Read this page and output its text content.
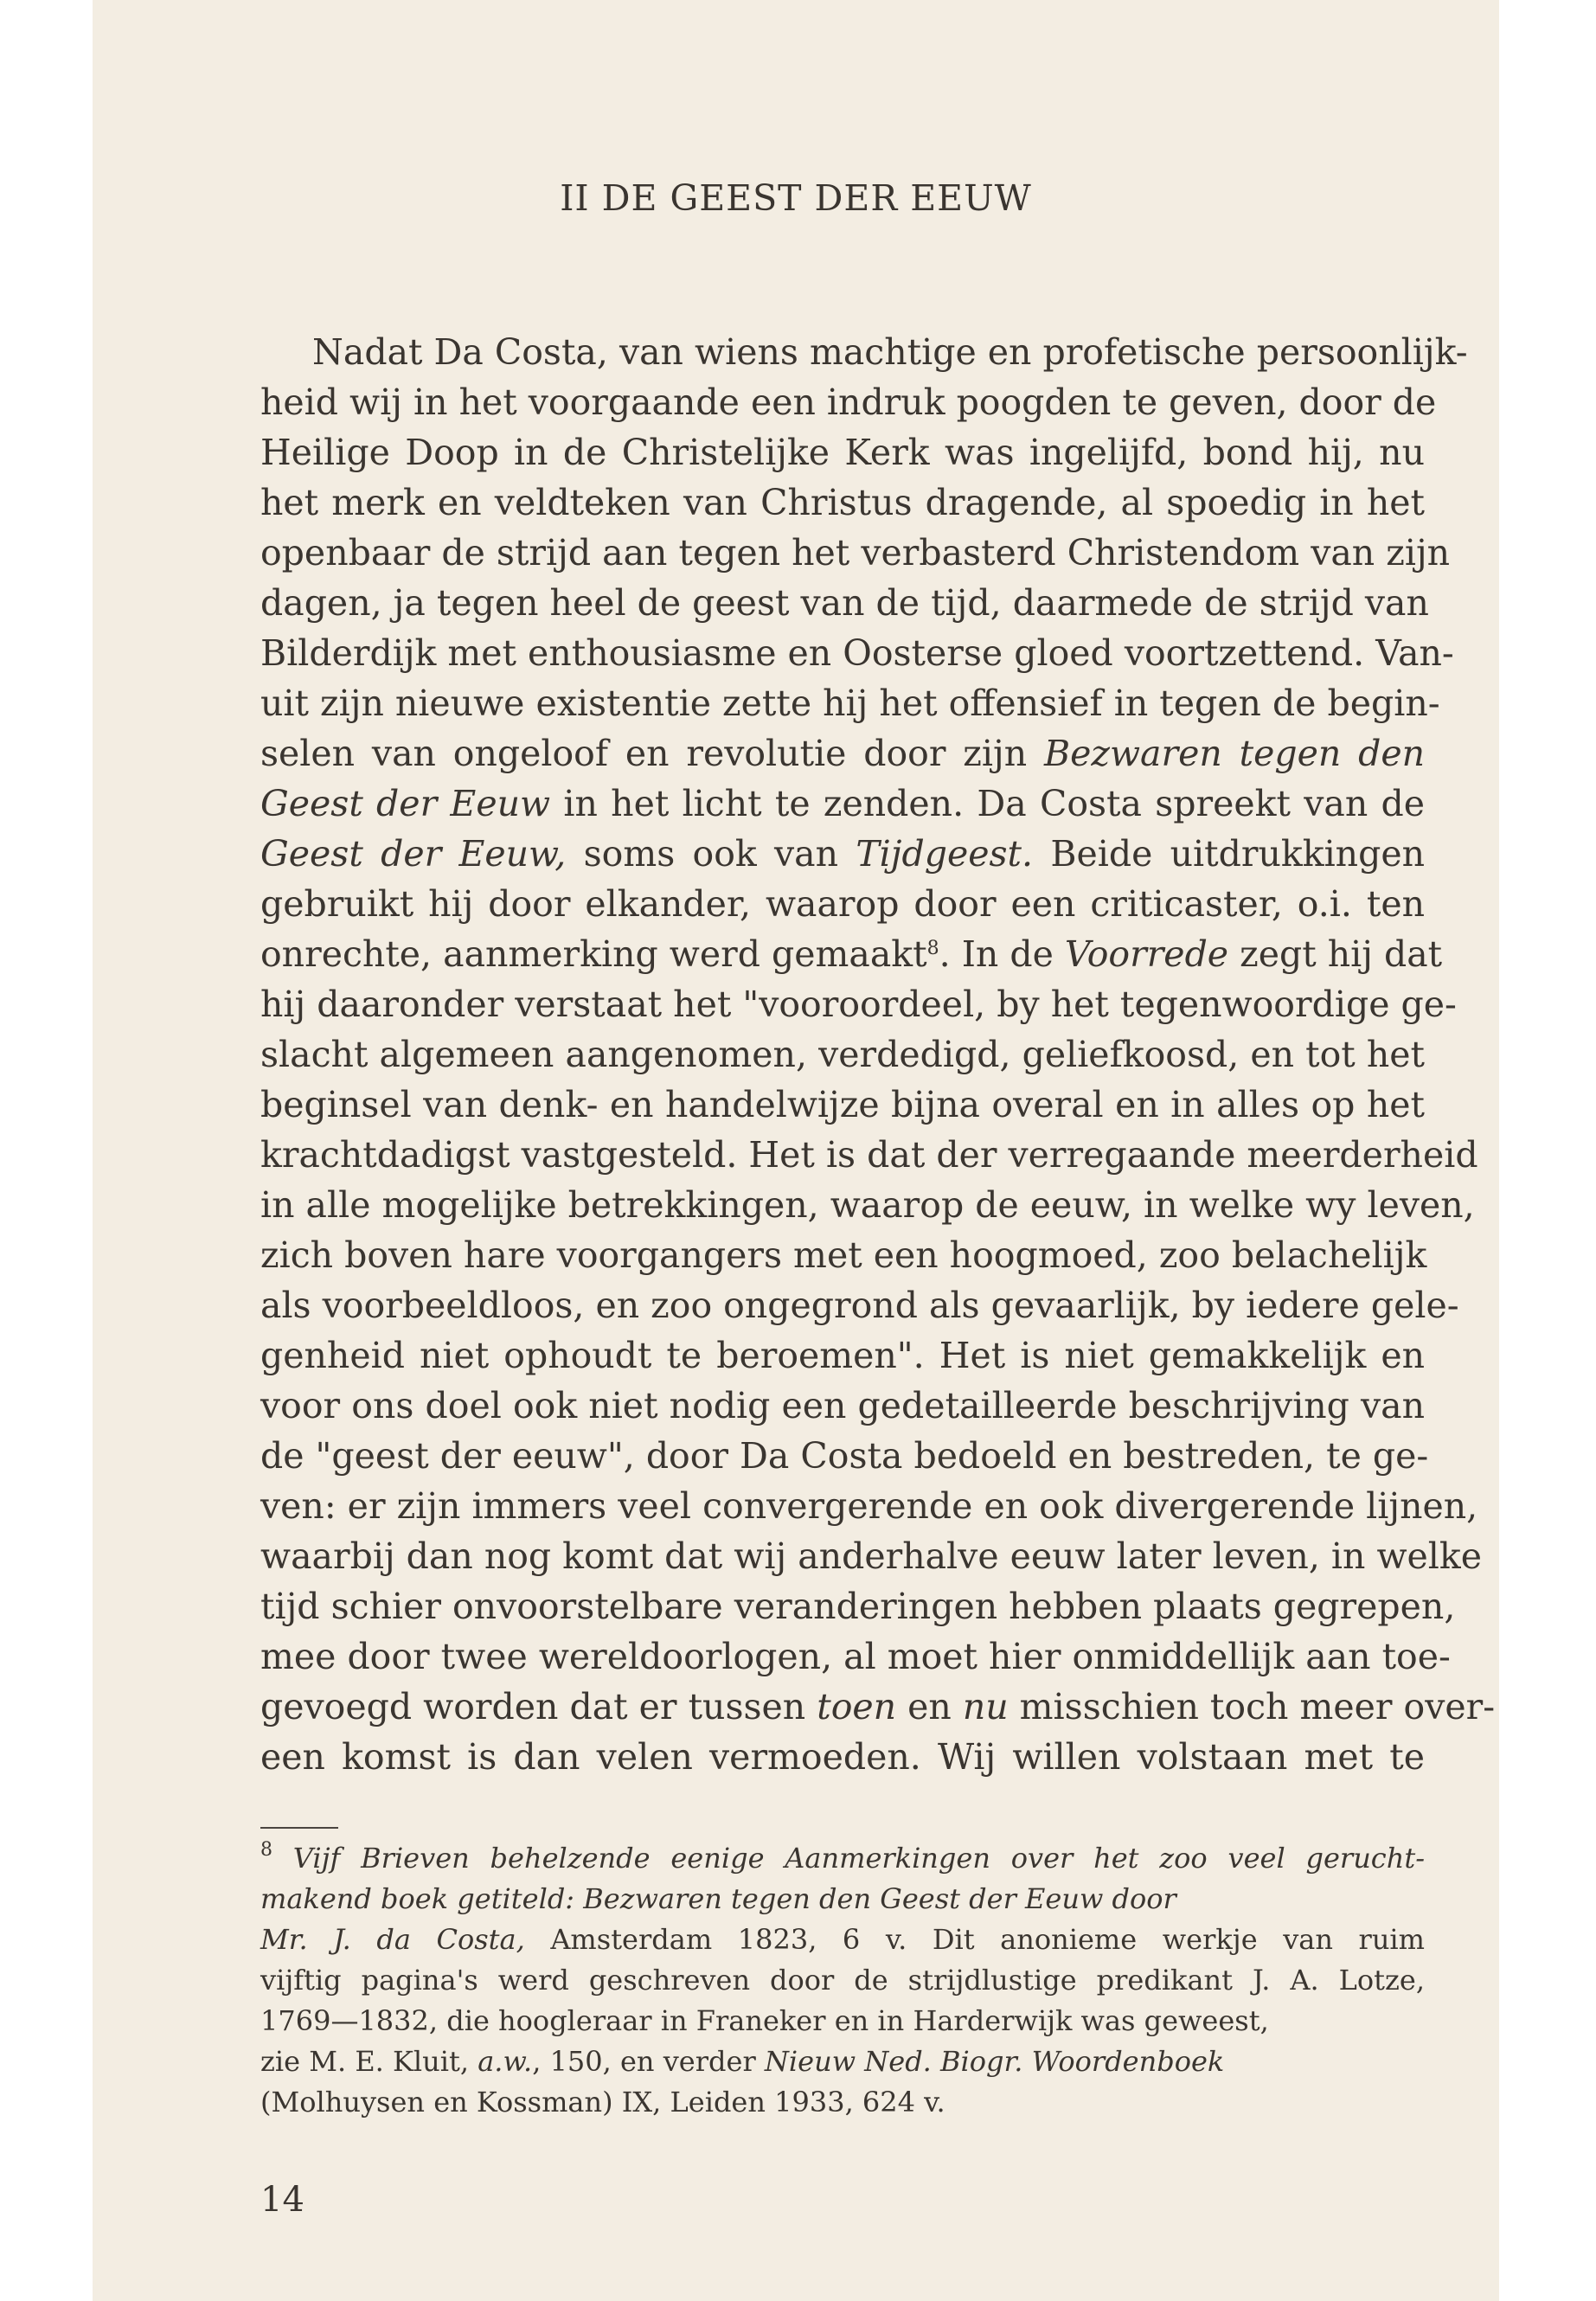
II DE GEEST DER EEUW
Nadat Da Costa, van wiens machtige en profetische persoonlijk-
heid wij in het voorgaande een indruk poogden te geven, door de
Heilige Doop in de Christelijke Kerk was ingelijfd, bond hij, nu
het merk en veldteken van Christus dragende, al spoedig in het
openbaar de strijd aan tegen het verbasterd Christendom van zijn
dagen, ja tegen heel de geest van de tijd, daarmede de strijd van
Bilderdijk met enthousiasme en Oosterse gloed voortzettend. Van-
uit zijn nieuwe existentie zette hij het offensief in tegen de begin-
selen van ongeloof en revolutie door zijn Bezwaren tegen den
Geest der Eeuw in het licht te zenden. Da Costa spreekt van de
Geest der Eeuw, soms ook van Tijdgeest. Beide uitdrukkingen
gebruikt hij door elkander, waarop door een criticaster, o.i. ten
onrechte, aanmerking werd gemaakt$^8$. In de Voorrede zegt hij dat
hij daaronder verstaat het "vooroordeel, by het tegenwoordige ge-
slacht algemeen aangenomen, verdedigd, geliefkoosd, en tot het
beginsel van denk- en handelwijze bijna overal en in alles op het
krachtdadigst vastgesteld. Het is dat der verregaande meerderheid
in alle mogelijke betrekkingen, waarop de eeuw, in welke wy leven,
zich boven hare voorgangers met een hoogmoed, zoo belachelijk
als voorbeeldloos, en zoo ongegrond als gevaarlijk, by iedere gele-
genheid niet ophoudt te beroemen". Het is niet gemakkelijk en
voor ons doel ook niet nodig een gedetailleerde beschrijving van
de "geest der eeuw", door Da Costa bedoeld en bestreden, te ge-
ven: er zijn immers veel convergerende en ook divergerende lijnen,
waarbij dan nog komt dat wij anderhalve eeuw later leven, in welke
tijd schier onvoorstelbare veranderingen hebben plaats gegrepen,
mee door twee wereldoorlogen, al moet hier onmiddellijk aan toe-
gevoegd worden dat er tussen toen en nu misschien toch meer over-
een komst is dan velen vermoeden. Wij willen volstaan met te
$^8$ Vijf Brieven behelzende eenige Aanmerkingen over het zoo veel gerucht-
makend boek getiteld: Bezwaren tegen den Geest der Eeuw door
Mr. J. da Costa, Amsterdam 1823, 6 v. Dit anonieme werkje van ruim
vijftig pagina's werd geschreven door de strijdlustige predikant J. A. Lotze,
1769—1832, die hoogleraar in Franeker en in Harderwijk was geweest,
zie M. E. Kluit, a.w., 150, en verder Nieuw Ned. Biogr. Woordenboek
(Molhuysen en Kossman) IX, Leiden 1933, 624 v.
14
